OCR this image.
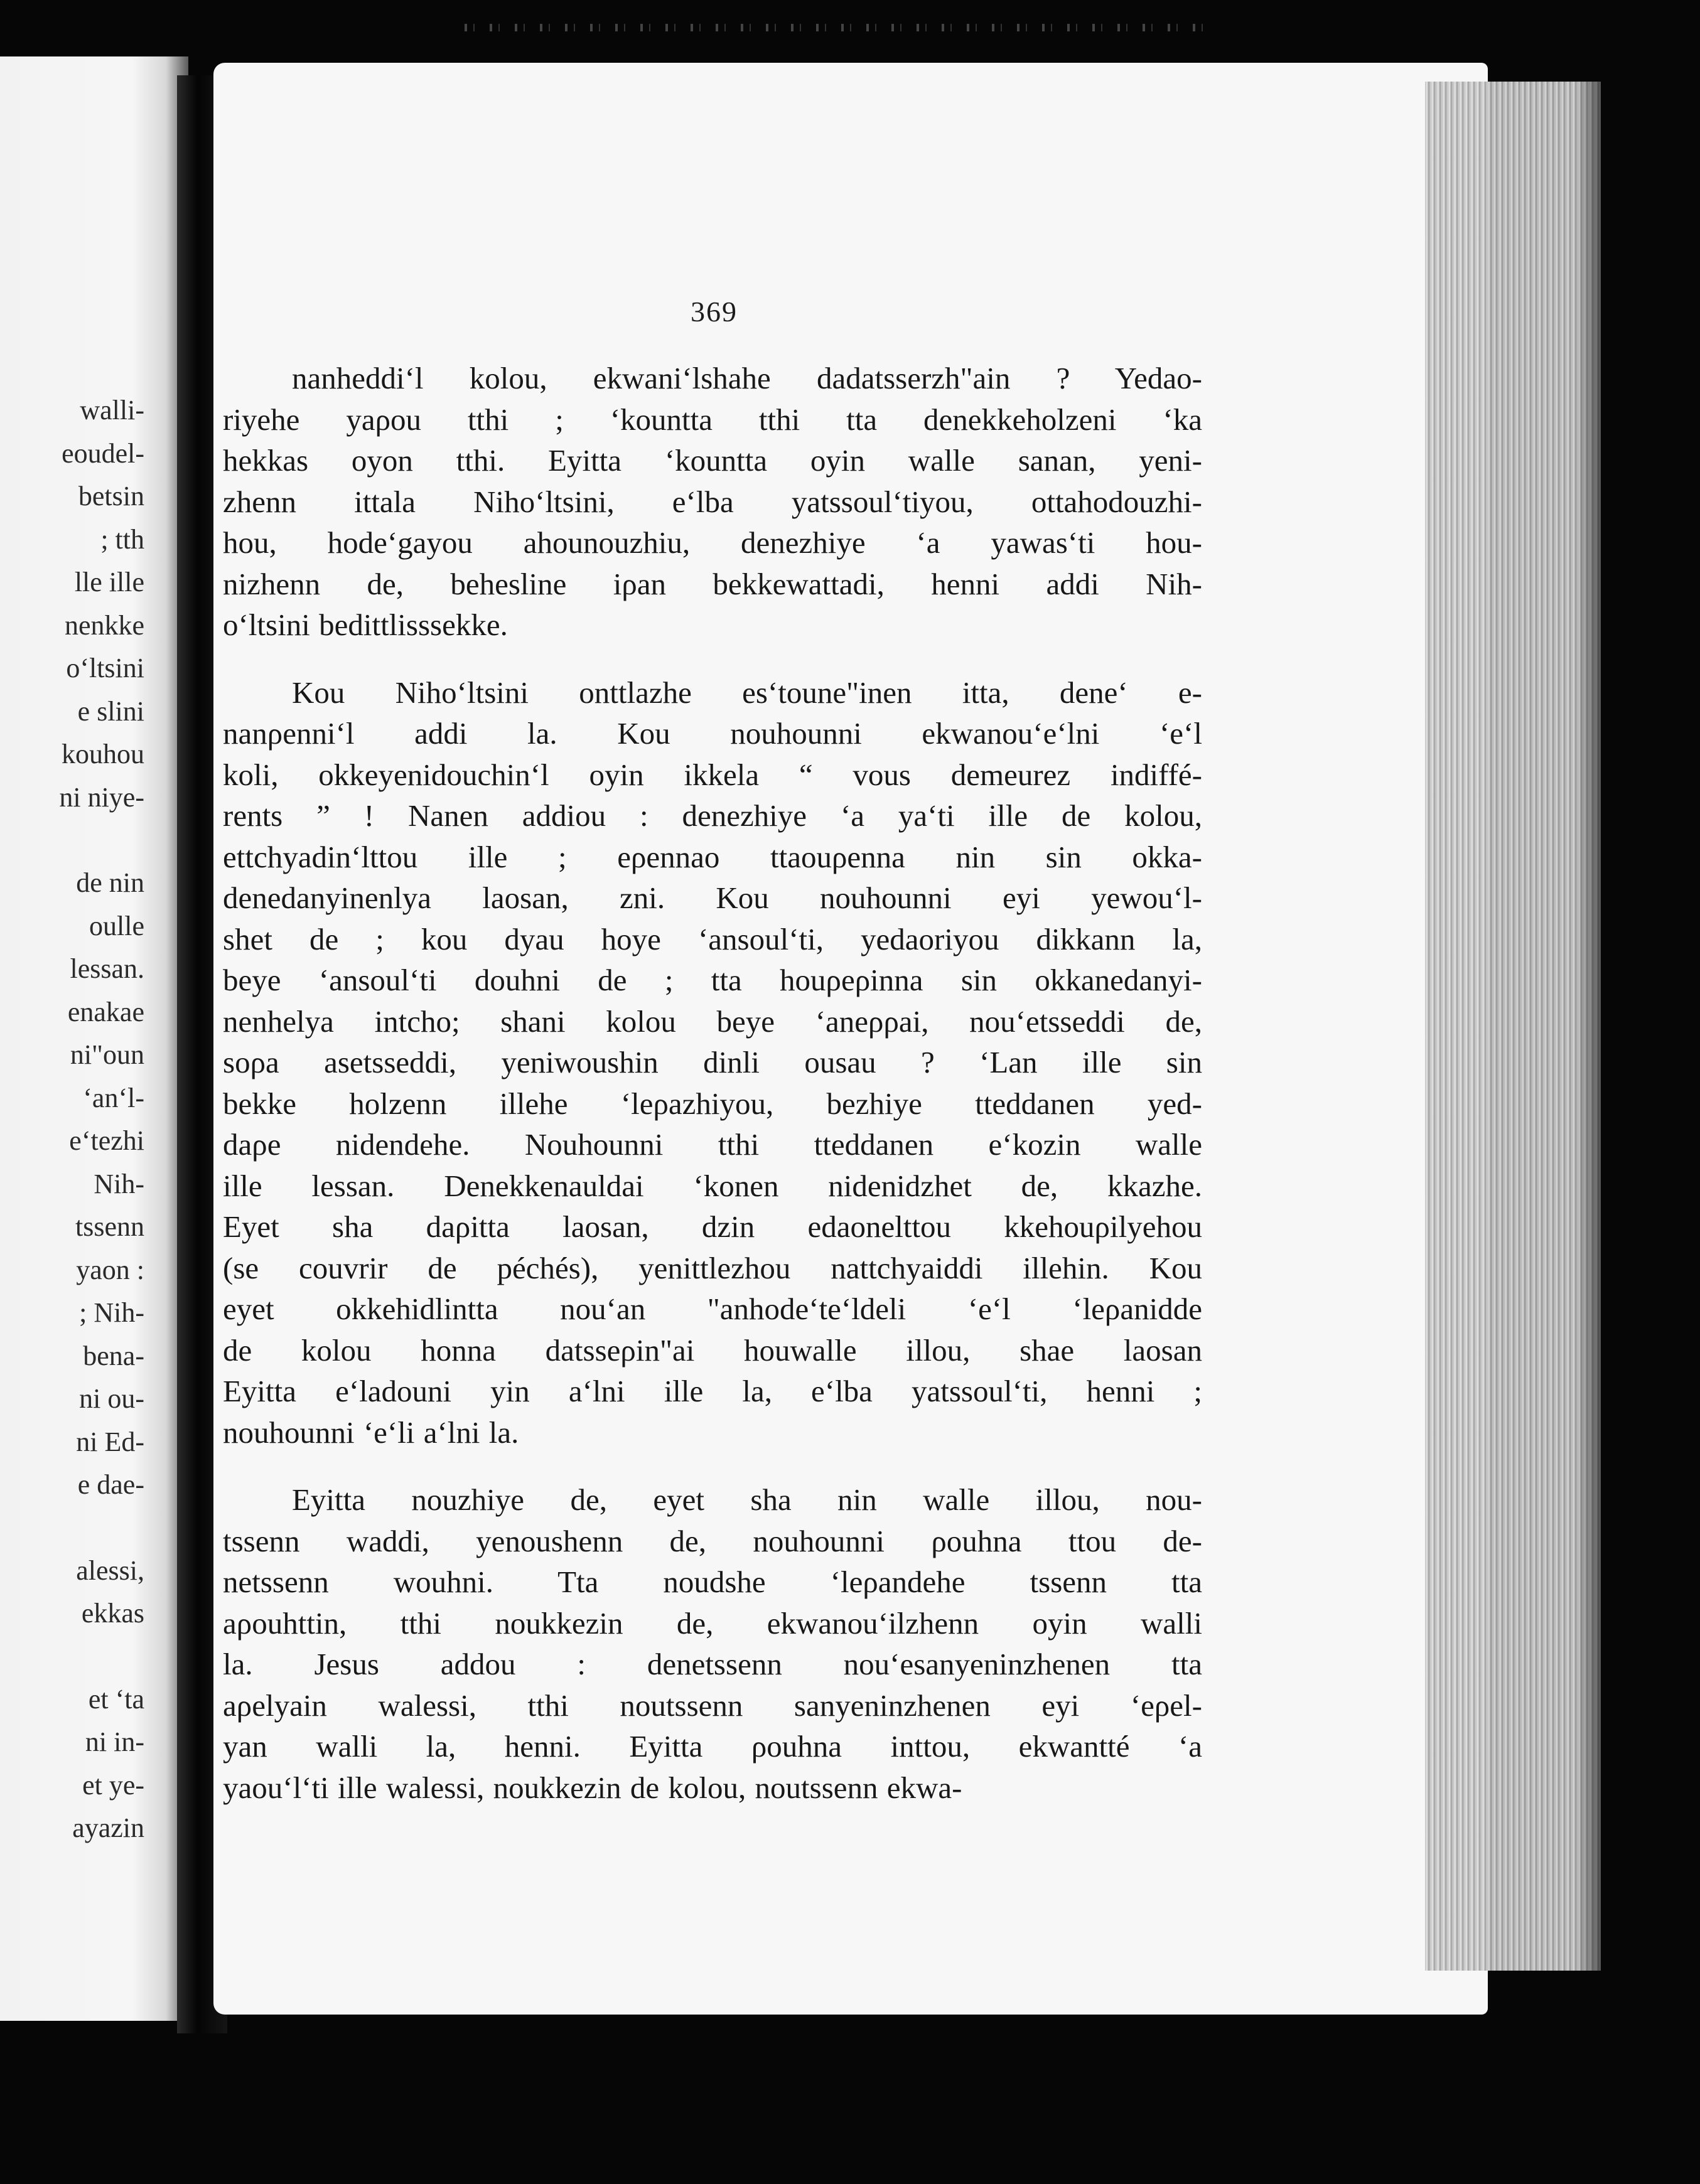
walli-
eoudel-
betsin
; tth
lle ille
nenkke
o‘ltsini
e slini
kouhou
ni niye-

de nin
oulle
lessan.
enakae
ni"oun
‘an‘l-
e‘tezhi
Nih-
tssenn
yaon :
; Nih-
bena-
ni ou-
ni Ed-
e dae-

alessi,
ekkas

et ‘ta
ni in-
et ye-
ayazin
369
nanheddi‘l kolou, ekwani‘lshahe dadatsserzh"ain ? Yedao-
riyehe yaρou tthi ; ‘kountta tthi tta denekkeholzeni ‘ka
hekkas oyon tthi. Eyitta ‘kountta oyin walle sanan, yeni-
zhenn ittala Niho‘ltsini, e‘lba yatssoul‘tiyou, ottahodouzhi-
hou, hode‘gayou ahounouzhiu, denezhiye ‘a yawas‘ti hou-
nizhenn de, behesline iρan bekkewattadi, henni addi Nih-
o‘ltsini bedittlisssekke.
Kou Niho‘ltsini onttlazhe es‘toune"inen itta, dene‘ e-
nanρenni‘l addi la. Kou nouhounni ekwanou‘e‘lni ‘e‘l
koli, okkeyenidouchin‘l oyin ikkela “ vous demeurez indiffé-
rents ” ! Nanen addiou : denezhiye ‘a ya‘ti ille de kolou,
ettchyadin‘lttou ille ; eρennao ttaouρenna nin sin okka-
denedanyinenlya laosan, zni. Kou nouhounni eyi yewou‘l-
shet de ; kou dyau hoye ‘ansoul‘ti, yedaoriyou dikkann la,
beye ‘ansoul‘ti douhni de ; tta houρeρinna sin okkanedanyi-
nenhelya intcho; shani kolou beye ‘aneρρai, nou‘etsseddi de,
soρa asetsseddi, yeniwoushin dinli ousau ? ‘Lan ille sin
bekke holzenn illehe ‘leρazhiyou, bezhiye tteddanen yed-
daρe nidendehe. Nouhounni tthi tteddanen e‘kozin walle
ille lessan. Denekkenauldai ‘konen nidenidzhet de, kkazhe.
Eyet sha daρitta laosan, dzin edaonelttou kkehouρilyehou
(se couvrir de péchés), yenittlezhou nattchyaiddi illehin. Kou
eyet okkehidlintta nou‘an "anhode‘te‘ldeli ‘e‘l ‘leρanidde
de kolou honna datsseρin"ai houwalle illou, shae laosan
Eyitta e‘ladouni yin a‘lni ille la, e‘lba yatssoul‘ti, henni ;
nouhounni ‘e‘li a‘lni la.
Eyitta nouzhiye de, eyet sha nin walle illou, nou-
tssenn waddi, yenoushenn de, nouhounni ρouhna ttou de-
netssenn wouhni. Tta noudshe ‘leρandehe tssenn tta
aρouhttin, tthi noukkezin de, ekwanou‘ilzhenn oyin walli
la. Jesus addou : denetssenn nou‘esanyeninzhenen tta
aρelyain walessi, tthi noutssenn sanyeninzhenen eyi ‘eρel-
yan walli la, henni. Eyitta ρouhna inttou, ekwantté ‘a
yaou‘l‘ti ille walessi, noukkezin de kolou, noutssenn ekwa-
